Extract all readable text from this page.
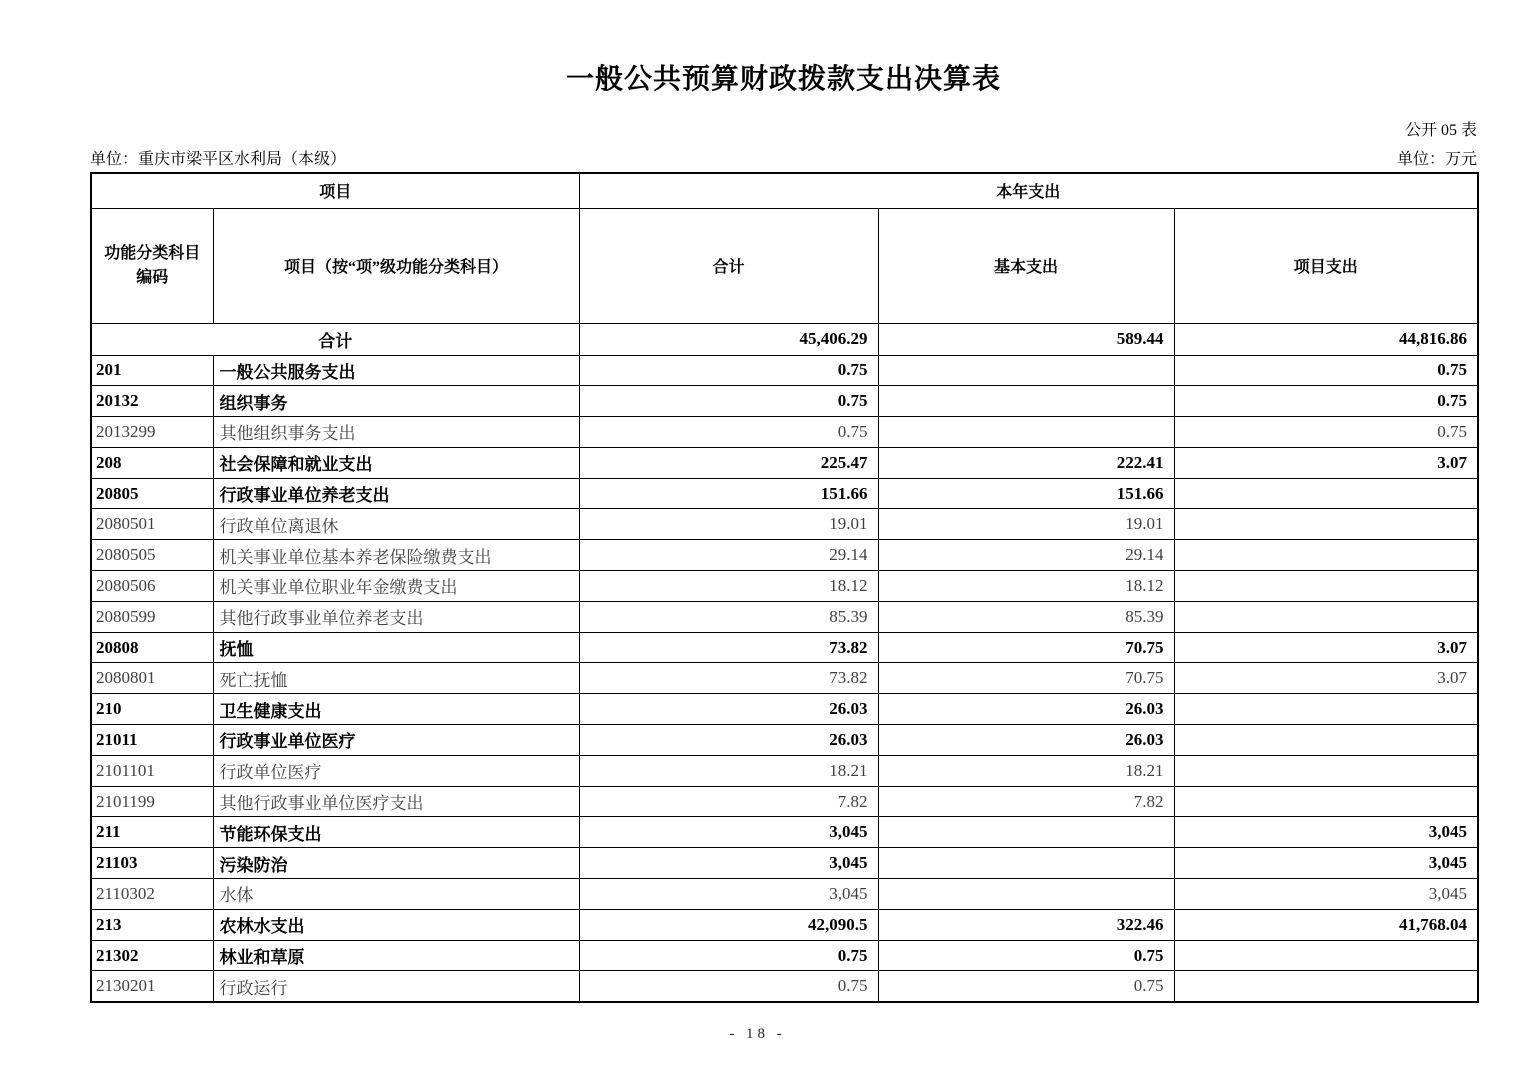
一般公共预算财政拨款支出决算表
公开 05 表
单位：重庆市梁平区水利局（本级）	单位：万元
项目		本年支出		

功能分类科目
编码	项目（按“项”级功能分类科目）	合计	基本支出	项目支出
合计		45,406.29	589.44	44,816.86
201	一般公共服务支出	0.75		0.75
20132	组织事务	0.75		0.75
2013299	其他组织事务支出	0.75		0.75
208	社会保障和就业支出	225.47	222.41	3.07
20805	行政事业单位养老支出	151.66	151.66	
2080501	行政单位离退休	19.01	19.01	
2080505	机关事业单位基本养老保险缴费支出	29.14	29.14	
2080506	机关事业单位职业年金缴费支出	18.12	18.12	
2080599	其他行政事业单位养老支出	85.39	85.39	
20808	抚恤	73.82	70.75	3.07
2080801	死亡抚恤	73.82	70.75	3.07
210	卫生健康支出	26.03	26.03	
21011	行政事业单位医疗	26.03	26.03	
2101101	行政单位医疗	18.21	18.21	
2101199	其他行政事业单位医疗支出	7.82	7.82	
211	节能环保支出	3,045		3,045
21103	污染防治	3,045		3,045
2110302	水体	3,045		3,045
213	农林水支出	42,090.5	322.46	41,768.04
21302	林业和草原	0.75	0.75	
2130201	行政运行	0.75	0.75	
- 18 -
